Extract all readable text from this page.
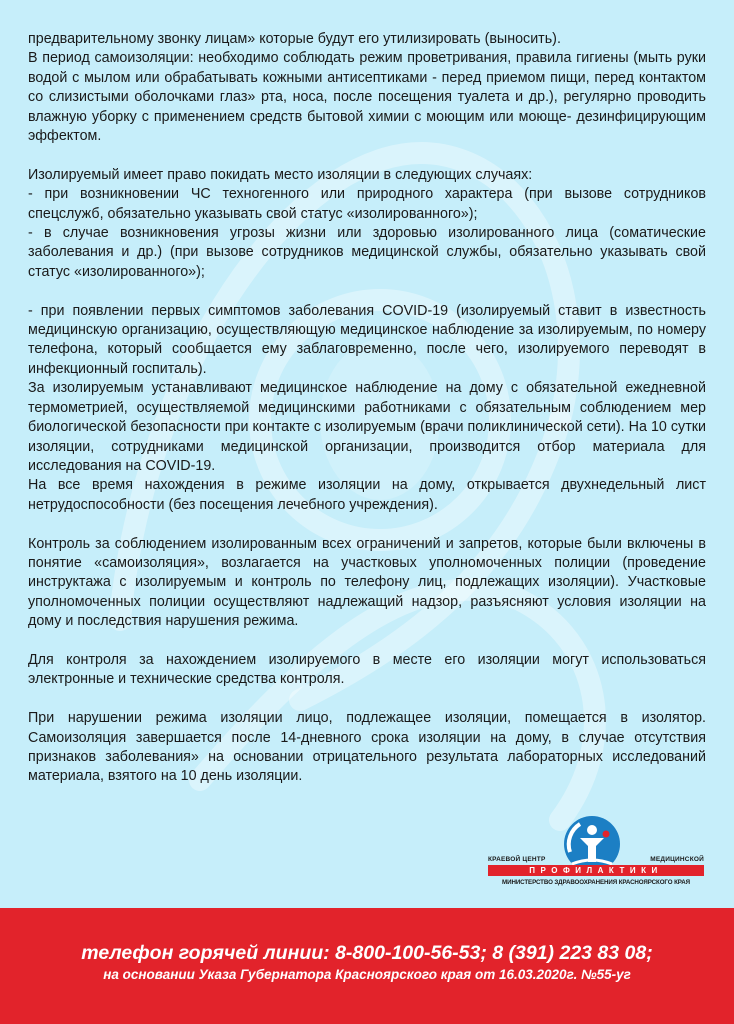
предварительному звонку лицам» которые будут его утилизировать (выносить).

В период самоизоляции: необходимо соблюдать режим проветривания, правила гигиены (мыть руки водой с мылом или обрабатывать кожными антисептиками - перед приемом пищи, перед контактом со слизистыми оболочками глаз» рта, носа, после посещения туалета и др.), регулярно проводить влажную уборку с применением средств бытовой химии с моющим или моюще- дезинфицирующим эффектом.

Изолируемый имеет право покидать место изоляции в следующих случаях:

- при возникновении ЧС техногенного или природного характера (при вызове сотрудников спецслужб, обязательно указывать свой статус «изолированного»);

- в случае возникновения угрозы жизни или здоровью изолированного лица (соматические заболевания и др.) (при вызове сотрудников медицинской службы, обязательно указывать свой статус «изолированного»);

- при появлении первых симптомов заболевания COVID-19 (изолируемый ставит в известность медицинскую организацию, осуществляющую медицинское наблюдение за изолируемым, по номеру телефона, который сообщается ему заблаговременно, после чего, изолируемого переводят в инфекционный госпиталь).

За изолируемым устанавливают медицинское наблюдение на дому с обязательной ежедневной термометрией, осуществляемой медицинскими работниками с обязательным соблюдением мер биологической безопасности при контакте с изолируемым (врачи поликлинической сети). На 10 сутки изоляции, сотрудниками медицинской организации, производится отбор материала для исследования на COVID-19.

На все время нахождения в режиме изоляции на дому, открывается двухнедельный лист нетрудоспособности (без посещения лечебного учреждения).

Контроль за соблюдением изолированным всех ограничений и запретов, которые были включены в понятие «самоизоляция», возлагается на участковых уполномоченных полиции (проведение инструктажа с изолируемым и контроль по телефону лиц, подлежащих изоляции). Участковые уполномоченных полиции осуществляют надлежащий надзор, разъясняют условия изоляции на дому и последствия нарушения режима.

Для контроля за нахождением изолируемого в месте его изоляции могут использоваться электронные и технические средства контроля.

При нарушении режима изоляции лицо, подлежащее изоляции, помещается в изолятор. Самоизоляция завершается после 14-дневного срока изоляции на дому, в случае отсутствия признаков заболевания» на основании отрицательного результата лабораторных исследований материала, взятого на 10 день изоляции.

КРАЕВОЙ ЦЕНТР	МЕДИЦИНСКОЙ
ПРОФИЛАКТИКИ
МИНИСТЕРСТВО ЗДРАВООХРАНЕНИЯ КРАСНОЯРСКОГО КРАЯ
телефон горячей линии: 8-800-100-56-53; 8 (391) 223 83 08;
на основании Указа Губернатора Красноярского края от 16.03.2020г. №55-уг
